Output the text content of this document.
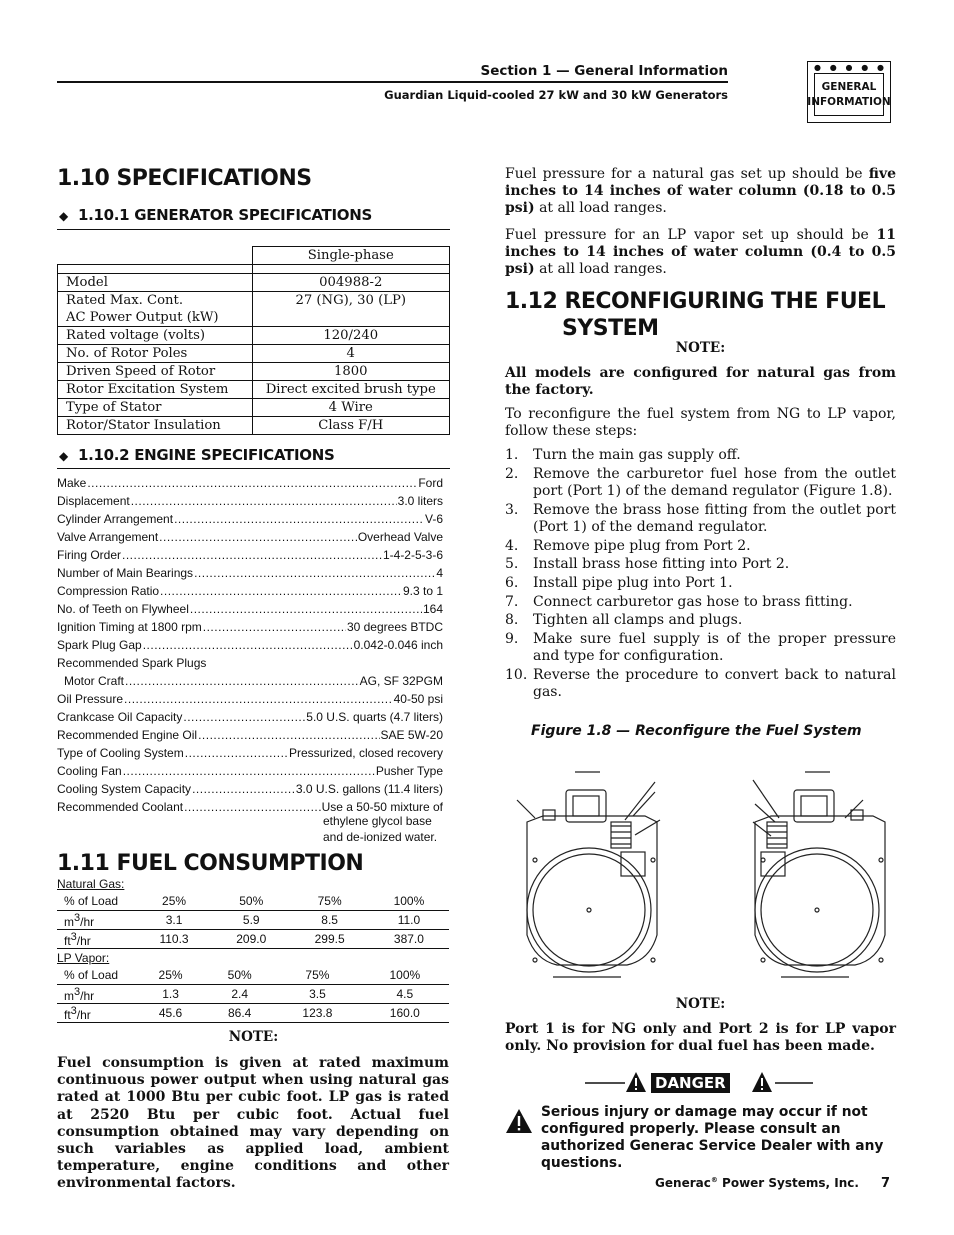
Section 1 — General Information
Guardian Liquid-cooled 27 kW and 30 kW Generators
● ● ● ● ●
GENERAL
INFORMATION
1.10 SPECIFICATIONS
◆ 1.10.1 GENERATOR SPECIFICATIONS
	Single-phase

Model	004988-2
Rated Max. Cont.
AC Power Output (kW)	27 (NG), 30 (LP)
Rated voltage (volts)	120/240
No. of Rotor Poles	4
Driven Speed of Rotor	1800
Rotor Excitation System	Direct excited brush type
Type of Stator	4 Wire
Rotor/Stator Insulation	Class F/H
◆ 1.10.2 ENGINE SPECIFICATIONS
Make .....	Ford
Displacement .....	3.0 liters
Cylinder Arrangement .....	V-6
Valve Arrangement .....	Overhead Valve
Firing Order .....	1-4-2-5-3-6
Number of Main Bearings .....	4
Compression Ratio .....	9.3 to 1
No. of Teeth on Flywheel .....	164
Ignition Timing at 1800 rpm .....	30 degrees BTDC
Spark Plug Gap .....	0.042-0.046 inch
Recommended Spark Plugs
Motor Craft .....	AG, SF 32PGM
Oil Pressure .....	40-50 psi
Crankcase Oil Capacity .....	5.0 U.S. quarts (4.7 liters)
Recommended Engine Oil .....	SAE 5W-20
Type of Cooling System .....	Pressurized, closed recovery
Cooling Fan .....	Pusher Type
Cooling System Capacity .....	3.0 U.S. gallons (11.4 liters)
Recommended Coolant .....	Use a 50-50 mixture of
ethylene glycol base
and de-ionized water.
1.11 FUEL CONSUMPTION
Natural Gas:
% of Load	25%	50%	75%	100%
$m^3/hr$	3.1	5.9	8.5	11.0
$ft^3/hr$	110.3	209.0	299.5	387.0
LP Vapor:
% of Load	25%	50%	75%	100%
$m^3/hr$	1.3	2.4	3.5	4.5
$ft^3/hr$	45.6	86.4	123.8	160.0
NOTE:
Fuel consumption is given at rated maximum continuous power output when using natural gas rated at 1000 Btu per cubic foot. LP gas is rated at 2520 Btu per cubic foot. Actual fuel consumption obtained may vary depending on such variables as applied load, ambient temperature, engine conditions and other environmental factors.
Fuel pressure for a natural gas set up should be five inches to 14 inches of water column (0.18 to 0.5 psi) at all load ranges.
Fuel pressure for an LP vapor set up should be 11 inches to 14 inches of water column (0.4 to 0.5 psi) at all load ranges.
1.12 RECONFIGURING THE FUEL
SYSTEM
NOTE:
All models are configured for natural gas from the factory.
To reconfigure the fuel system from NG to LP vapor, follow these steps:
1.	Turn the main gas supply off.
2.	Remove the carburetor fuel hose from the outlet port (Port 1) of the demand regulator (Figure 1.8).
3.	Remove the brass hose fitting from the outlet port (Port 1) of the demand regulator.
4.	Remove pipe plug from Port 2.
5.	Install brass hose fitting into Port 2.
6.	Install pipe plug into Port 1.
7.	Connect carburetor gas hose to brass fitting.
8.	Tighten all clamps and plugs.
9.	Make sure fuel supply is of the proper pressure and type for configuration.
10. Reverse the procedure to convert back to natural gas.
Figure 1.8 — Reconfigure the Fuel System
NOTE:
Port 1 is for NG only and Port 2 is for LP vapor only. No provision for dual fuel has been made.
DANGER
Serious injury or damage may occur if not configured properly. Please consult an authorized Generac Service Dealer with any questions.
Generac® Power Systems, Inc. 7
